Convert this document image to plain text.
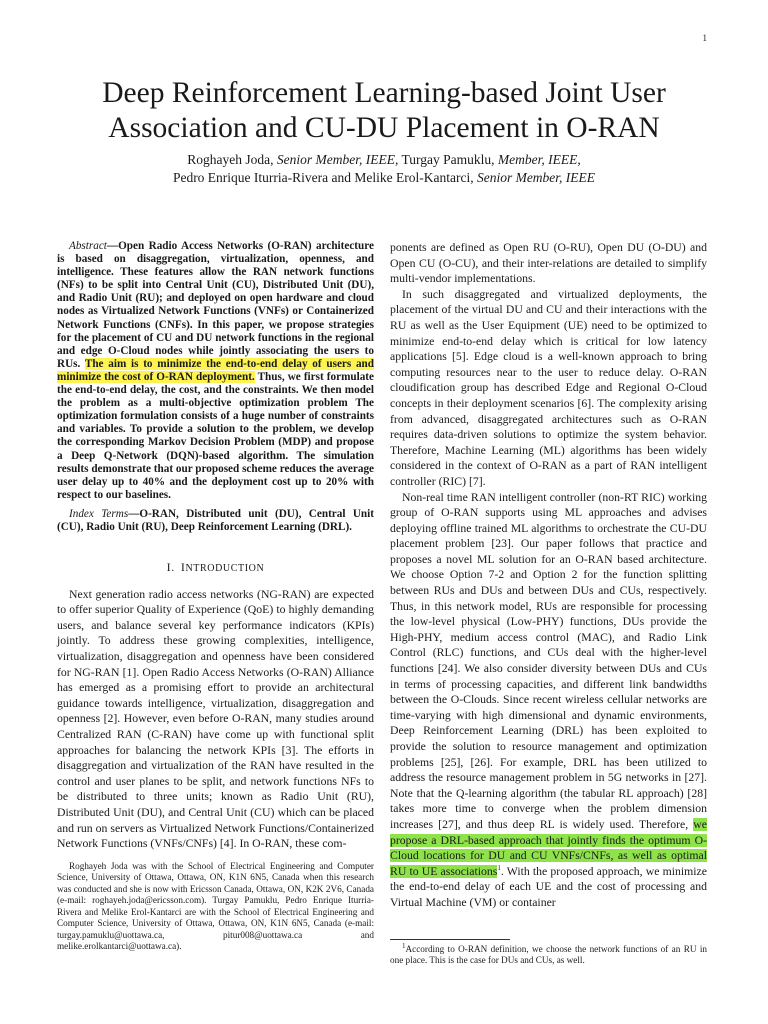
1
Deep Reinforcement Learning-based Joint User
Association and CU-DU Placement in O-RAN
Roghayeh Joda, Senior Member, IEEE, Turgay Pamuklu, Member, IEEE,
Pedro Enrique Iturria-Rivera and Melike Erol-Kantarci, Senior Member, IEEE

Abstract—Open Radio Access Networks (O-RAN) architecture is based on disaggregation, virtualization, openness, and intelligence. These features allow the RAN network functions (NFs) to be split into Central Unit (CU), Distributed Unit (DU), and Radio Unit (RU); and deployed on open hardware and cloud nodes as Virtualized Network Functions (VNFs) or Containerized Network Functions (CNFs). In this paper, we propose strategies for the placement of CU and DU network functions in the regional and edge O-Cloud nodes while jointly associating the users to RUs. The aim is to minimize the end-to-end delay of users and minimize the cost of O-RAN deployment. Thus, we first formulate the end-to-end delay, the cost, and the constraints. We then model the problem as a multi-objective optimization problem The optimization formulation consists of a huge number of constraints and variables. To provide a solution to the problem, we develop the corresponding Markov Decision Problem (MDP) and propose a Deep Q-Network (DQN)-based algorithm. The simulation results demonstrate that our proposed scheme reduces the average user delay up to 40% and the deployment cost up to 20% with respect to our baselines.

Index Terms—O-RAN, Distributed unit (DU), Central Unit (CU), Radio Unit (RU), Deep Reinforcement Learning (DRL).

I. INTRODUCTION

Next generation radio access networks (NG-RAN) are expected to offer superior Quality of Experience (QoE) to highly demanding users, and balance several key performance indicators (KPIs) jointly. To address these growing complexities, intelligence, virtualization, disaggregation and openness have been considered for NG-RAN [1]. Open Radio Access Networks (O-RAN) Alliance has emerged as a promising effort to provide an architectural guidance towards intelligence, virtualization, disaggregation and openness [2]. However, even before O-RAN, many studies around Centralized RAN (C-RAN) have come up with functional split approaches for balancing the network KPIs [3]. The efforts in disaggregation and virtualization of the RAN have resulted in the control and user planes to be split, and network functions NFs to be distributed to three units; known as Radio Unit (RU), Distributed Unit (DU), and Central Unit (CU) which can be placed and run on servers as Virtualized Network Functions/Containerized Network Functions (VNFs/CNFs) [4]. In O-RAN, these com-

Roghayeh Joda was with the School of Electrical Engineering and Computer Science, University of Ottawa, Ottawa, ON, K1N 6N5, Canada when this research was conducted and she is now with Ericsson Canada, Ottawa, ON, K2K 2V6, Canada (e-mail: roghayeh.joda@ericsson.com). Turgay Pamuklu, Pedro Enrique Iturria-Rivera and Melike Erol-Kantarci are with the School of Electrical Engineering and Computer Science, University of Ottawa, Ottawa, ON, K1N 6N5, Canada (e-mail: turgay.pamuklu@uottawa.ca, pitur008@uottawa.ca and melike.erolkantarci@uottawa.ca).

ponents are defined as Open RU (O-RU), Open DU (O-DU) and Open CU (O-CU), and their inter-relations are detailed to simplify multi-vendor implementations.

In such disaggregated and virtualized deployments, the placement of the virtual DU and CU and their interactions with the RU as well as the User Equipment (UE) need to be optimized to minimize end-to-end delay which is critical for low latency applications [5]. Edge cloud is a well-known approach to bring computing resources near to the user to reduce delay. O-RAN cloudification group has described Edge and Regional O-Cloud concepts in their deployment scenarios [6]. The complexity arising from advanced, disaggregated architectures such as O-RAN requires data-driven solutions to optimize the system behavior. Therefore, Machine Learning (ML) algorithms has been widely considered in the context of O-RAN as a part of RAN intelligent controller (RIC) [7].

Non-real time RAN intelligent controller (non-RT RIC) working group of O-RAN supports using ML approaches and advises deploying offline trained ML algorithms to orchestrate the CU-DU placement problem [23]. Our paper follows that practice and proposes a novel ML solution for an O-RAN based architecture. We choose Option 7-2 and Option 2 for the function splitting between RUs and DUs and between DUs and CUs, respectively. Thus, in this network model, RUs are responsible for processing the low-level physical (Low-PHY) functions, DUs provide the High-PHY, medium access control (MAC), and Radio Link Control (RLC) functions, and CUs deal with the higher-level functions [24]. We also consider diversity between DUs and CUs in terms of processing capacities, and different link bandwidths between the O-Clouds. Since recent wireless cellular networks are time-varying with high dimensional and dynamic environments, Deep Reinforcement Learning (DRL) has been exploited to provide the solution to resource management and optimization problems [25], [26]. For example, DRL has been utilized to address the resource management problem in 5G networks in [27]. Note that the Q-learning algorithm (the tabular RL approach) [28] takes more time to converge when the problem dimension increases [27], and thus deep RL is widely used. Therefore, we propose a DRL-based approach that jointly finds the optimum O-Cloud locations for DU and CU VNFs/CNFs, as well as optimal RU to UE associations$^1$. With the proposed approach, we minimize the end-to-end delay of each UE and the cost of processing and Virtual Machine (VM) or container

$^1$According to O-RAN definition, we choose the network functions of an RU in one place. This is the case for DUs and CUs, as well.
